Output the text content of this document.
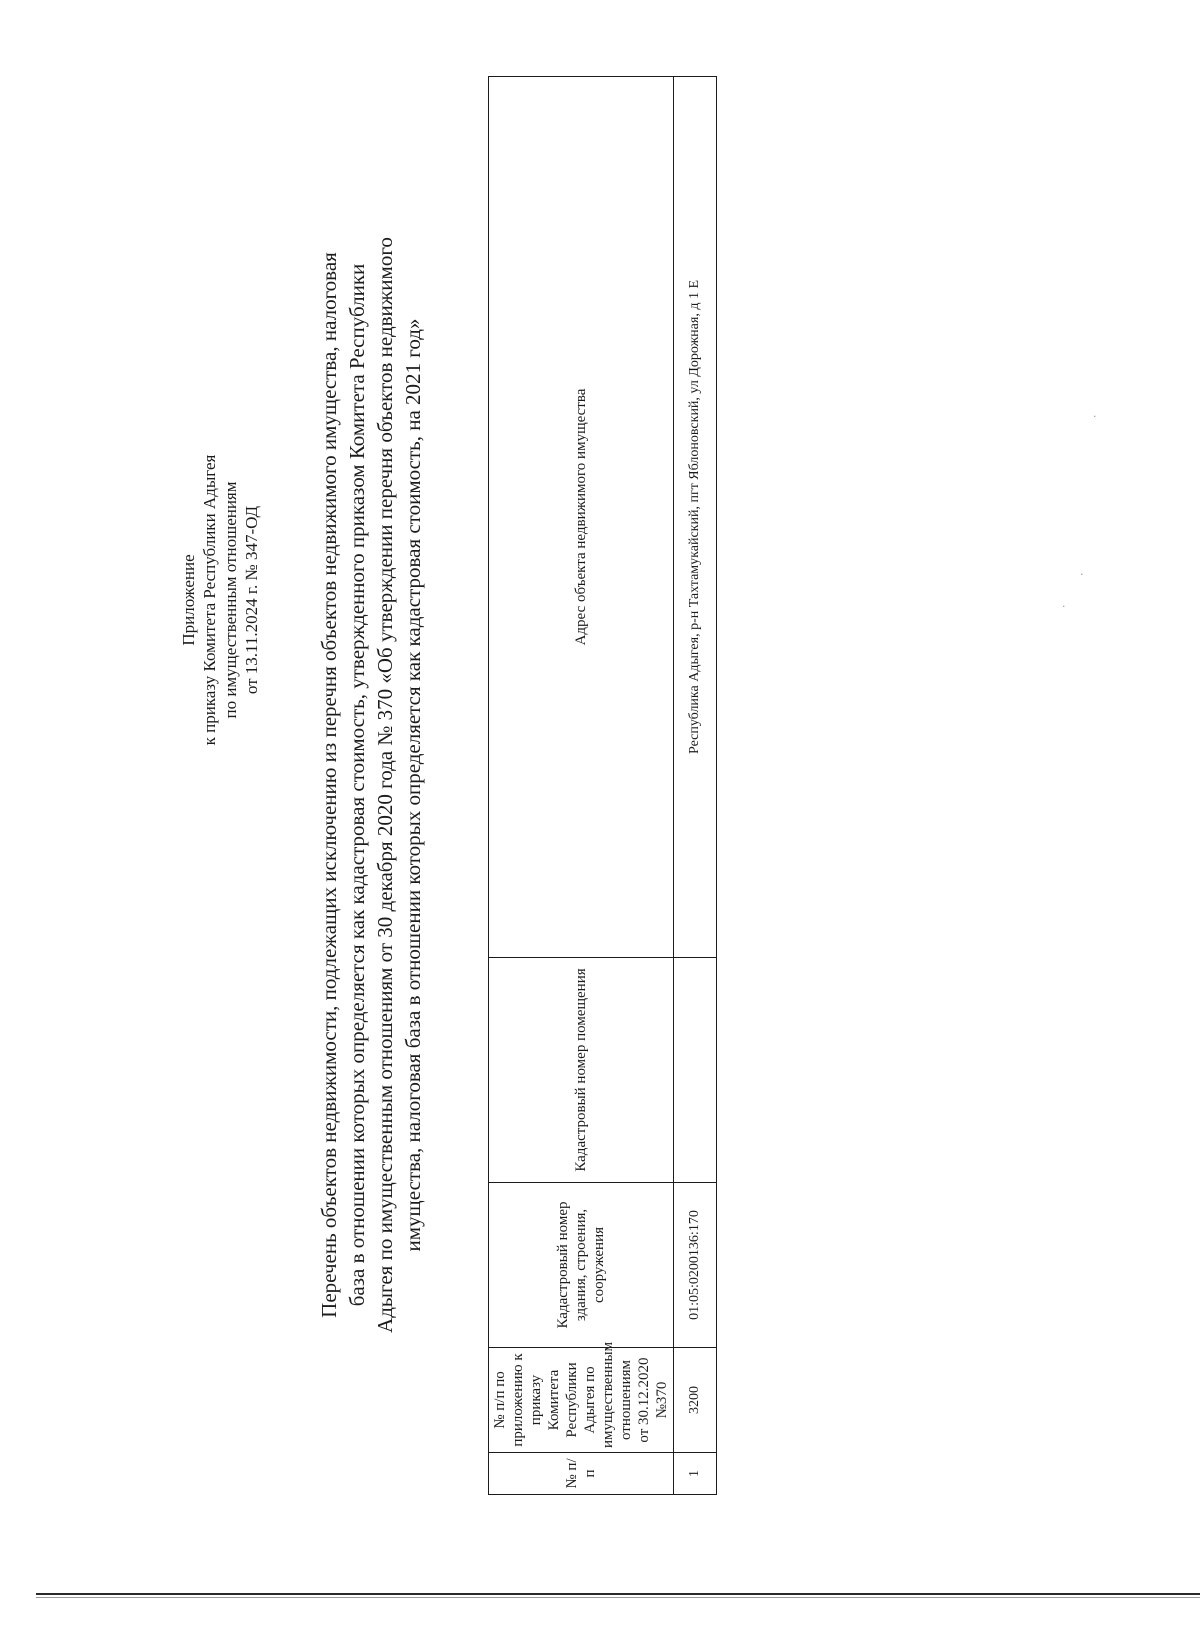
Приложение к приказу Комитета Республики Адыгея по имущественным отношениям от 13.11.2024 г. № 347-ОД	Перечень объектов недвижимости, подлежащих исключению из перечня объектов недвижимого имущества, налоговая база в отношении которых определяется как кадастровая стоимость, утвержденного приказом Комитета Республики Адыгея по имущественным отношениям от 30 декабря 2020 года № 370 «Об утверждении перечня объектов недвижимого имущества, налоговая база в отношении которых определяется как кадастровая стоимость, на 2021 год»
№ п/п	№ п/п по приложению к приказу Комитета Республики Адыгея по имущественным отношениям от 30.12.2020 №370	Кадастровый номер здания, строения, сооружения	Кадастровый номер помещения	Адрес объекта недвижимого имущества
1	3200	01:05:0200136:170		Республика Адыгея, р-н Тахтамукайский, пгт Яблоновский, ул Дорожная, д 1 Е	·
·
·
